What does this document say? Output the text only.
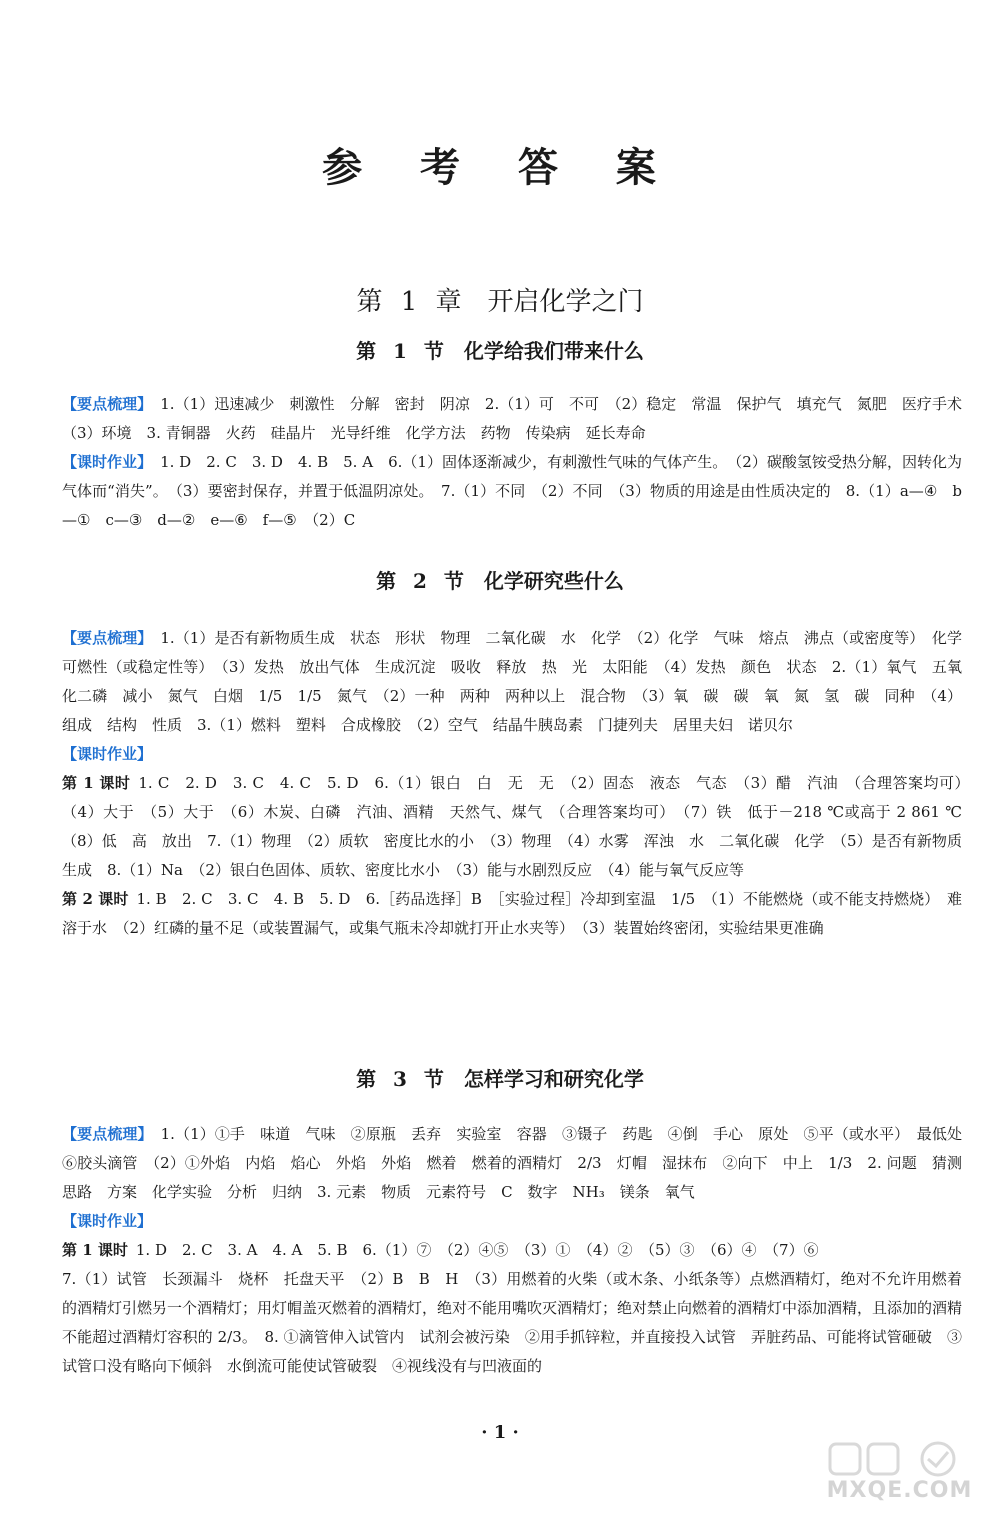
参 考 答 案
第 1 章　开启化学之门
第 1 节　化学给我们带来什么

【要点梳理】 1.（1）迅速减少　刺激性　分解　密封　阴凉　2.（1）可　不可　（2）稳定　常温　保护气　填充气　氮肥　医疗手术　（3）环境　3. 青铜器　火药　硅晶片　光导纤维　化学方法　药物　传染病　延长寿命

【课时作业】 1. D　2. C　3. D　4. B　5. A　6.（1）固体逐渐减少，有刺激性气味的气体产生。　（2）碳酸氢铵受热分解，因转化为气体而“消失”。　（3）要密封保存，并置于低温阴凉处。　7.（1）不同　（2）不同　（3）物质的用途是由性质决定的　8.（1）a—④　b—①　c—③　d—②　e—⑥　f—⑤　（2）C

第 2 节　化学研究些什么

【要点梳理】 1.（1）是否有新物质生成　状态　形状　物理　二氧化碳　水　化学　（2）化学　气味　熔点　沸点（或密度等）　化学　可燃性（或稳定性等）　（3）发热　放出气体　生成沉淀　吸收　释放　热　光　太阳能　（4）发热　颜色　状态　2.（1）氧气　五氧化二磷　减小　氮气　白烟　1/5　1/5　氮气　（2）一种　两种　两种以上　混合物　（3）氧　碳　碳　氧　氮　氢　碳　同种　（4）组成　结构　性质　3.（1）燃料　塑料　合成橡胶　（2）空气　结晶牛胰岛素　门捷列夫　居里夫妇　诺贝尔

【课时作业】

第 1 课时 1. C　2. D　3. C　4. C　5. D　6.（1）银白　白　无　无　（2）固态　液态　气态　（3）醋　汽油　（合理答案均可）　（4）大于　（5）大于　（6）木炭、白磷　汽油、酒精　天然气、煤气　（合理答案均可）　（7）铁　低于－218 ℃或高于 2 861 ℃　（8）低　高　放出　7.（1）物理　（2）质软　密度比水的小　（3）物理　（4）水雾　浑浊　水　二氧化碳　化学　（5）是否有新物质生成　8.（1）Na　（2）银白色固体、质软、密度比水小　（3）能与水剧烈反应　（4）能与氧气反应等

第 2 课时 1. B　2. C　3. C　4. B　5. D　6.［药品选择］B　［实验过程］冷却到室温　1/5　（1）不能燃烧（或不能支持燃烧）　难溶于水　（2）红磷的量不足（或装置漏气，或集气瓶未冷却就打开止水夹等）　（3）装置始终密闭，实验结果更准确

第 3 节　怎样学习和研究化学

【要点梳理】 1.（1）①手　味道　气味　②原瓶　丢弃　实验室　容器　③镊子　药匙　④倒　手心　原处　⑤平（或水平）　最低处　⑥胶头滴管　（2）①外焰　内焰　焰心　外焰　外焰　燃着　燃着的酒精灯　2/3　灯帽　湿抹布　②向下　中上　1/3　2. 问题　猜测　思路　方案　化学实验　分析　归纳　3. 元素　物质　元素符号　C　数字　NH₃　镁条　氧气

【课时作业】

第 1 课时 1. D　2. C　3. A　4. A　5. B　6.（1）⑦　（2）④⑤　（3）①　（4）②　（5）③　（6）④　（7）⑥

7.（1）试管　长颈漏斗　烧杯　托盘天平　（2）B　B　H　（3）用燃着的火柴（或木条、小纸条等）点燃酒精灯，绝对不允许用燃着的酒精灯引燃另一个酒精灯；用灯帽盖灭燃着的酒精灯，绝对不能用嘴吹灭酒精灯；绝对禁止向燃着的酒精灯中添加酒精，且添加的酒精不能超过酒精灯容积的 2/3。　8. ①滴管伸入试管内　试剂会被污染　②用手抓锌粒，并直接投入试管　弄脏药品、可能将试管砸破　③试管口没有略向下倾斜　水倒流可能使试管破裂　④视线没有与凹液面的

· 1 ·
MXQE.COM
